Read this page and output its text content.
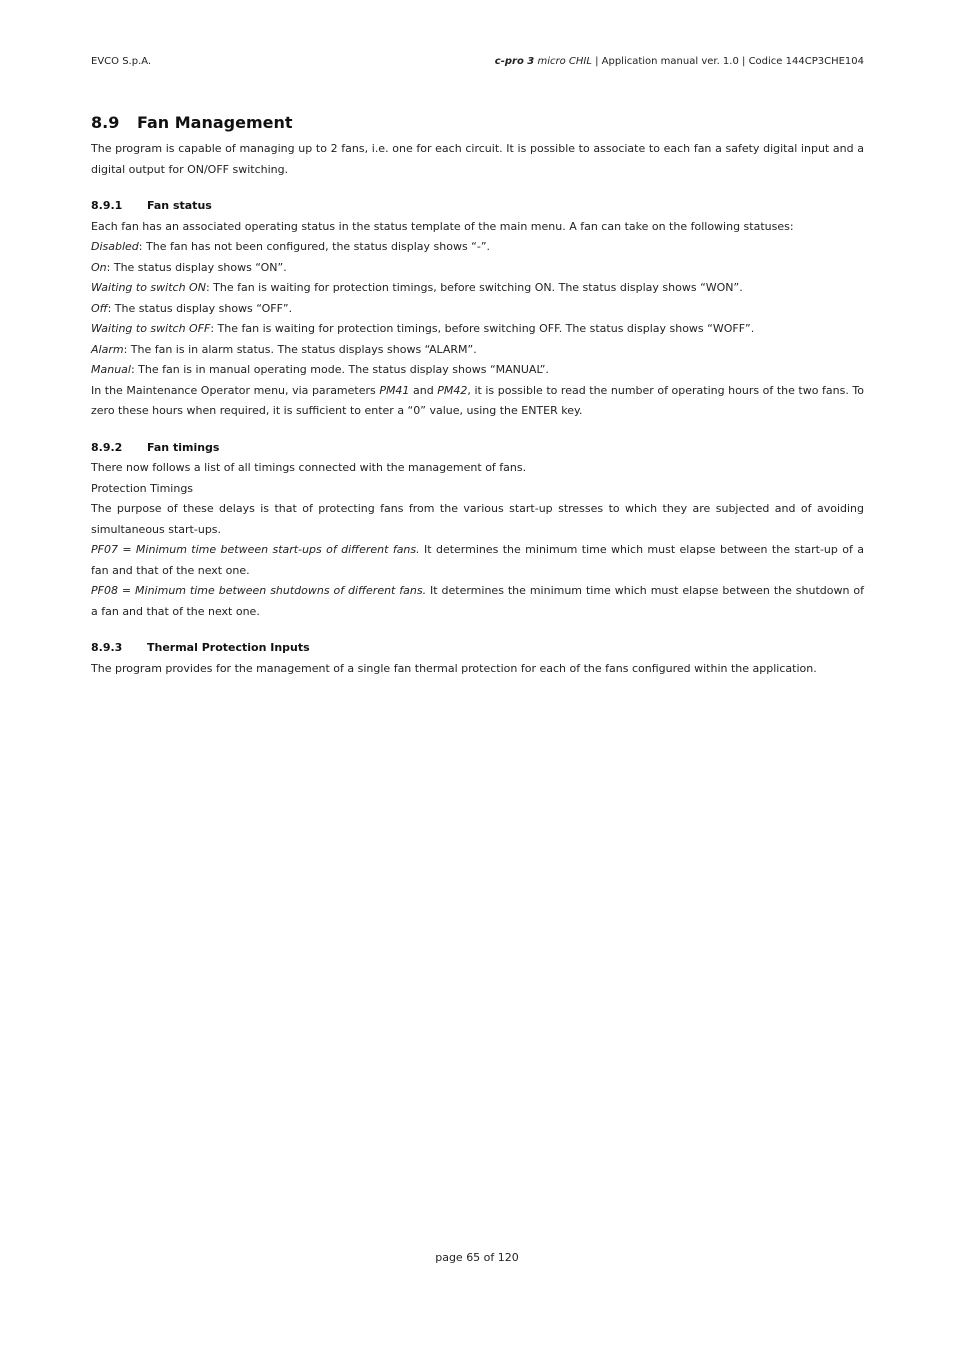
EVCO S.p.A.	c-pro 3 micro CHIL | Application manual ver. 1.0 | Codice 144CP3CHE104
8.9 Fan Management

The program is capable of managing up to 2 fans, i.e. one for each circuit. It is possible to associate to each fan a safety digital input and a digital output for ON/OFF switching.

8.9.1 Fan status

Each fan has an associated operating status in the status template of the main menu. A fan can take on the following statuses:

Disabled: The fan has not been configured, the status display shows “-”.

On: The status display shows “ON”.

Waiting to switch ON: The fan is waiting for protection timings, before switching ON. The status display shows “WON”.

Off: The status display shows “OFF”.

Waiting to switch OFF: The fan is waiting for protection timings, before switching OFF. The status display shows “WOFF”.

Alarm: The fan is in alarm status. The status displays shows “ALARM”.

Manual: The fan is in manual operating mode. The status display shows “MANUAL”.

In the Maintenance Operator menu, via parameters PM41 and PM42, it is possible to read the number of operating hours of the two fans. To zero these hours when required, it is sufficient to enter a “0” value, using the ENTER key.

8.9.2 Fan timings

There now follows a list of all timings connected with the management of fans.

Protection Timings

The purpose of these delays is that of protecting fans from the various start-up stresses to which they are subjected and of avoiding simultaneous start-ups.

PF07 = Minimum time between start-ups of different fans. It determines the minimum time which must elapse between the start-up of a fan and that of the next one.

PF08 = Minimum time between shutdowns of different fans. It determines the minimum time which must elapse between the shutdown of a fan and that of the next one.

8.9.3 Thermal Protection Inputs

The program provides for the management of a single fan thermal protection for each of the fans configured within the application.

page 65 of 120
